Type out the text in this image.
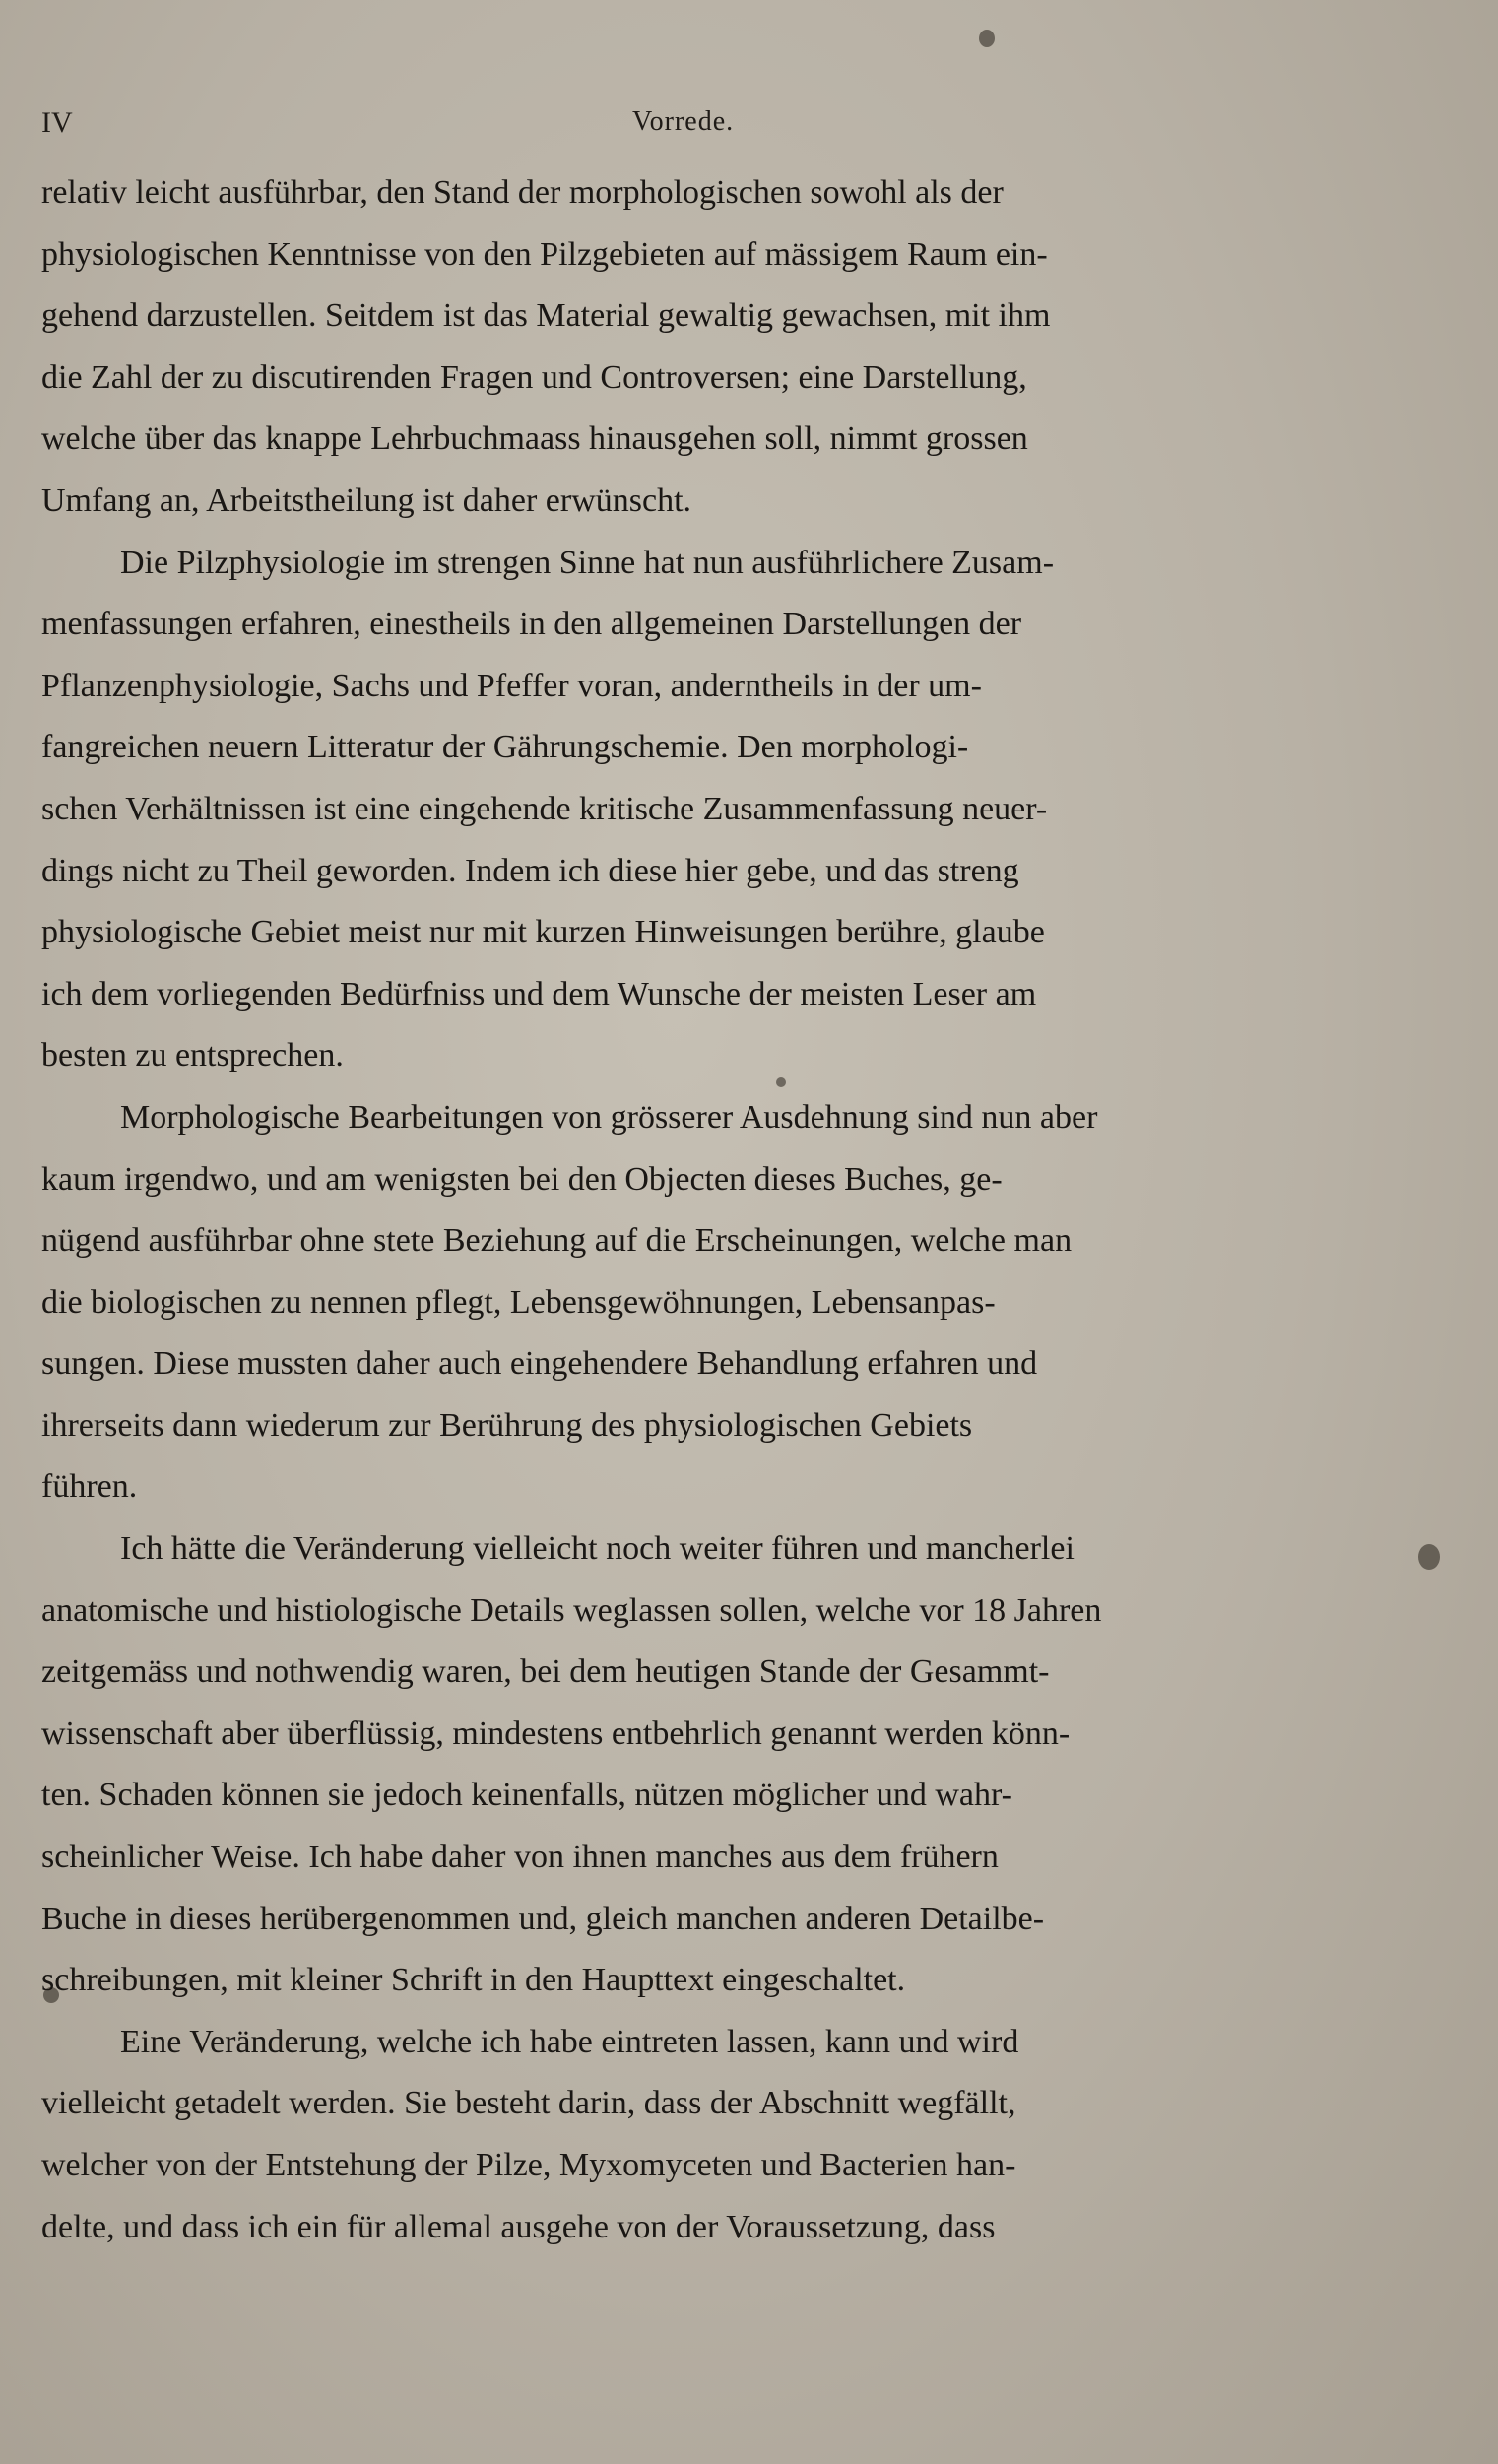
IV	Vorrede.

relativ leicht ausführbar, den Stand der morphologischen sowohl als der
physiologischen Kenntnisse von den Pilzgebieten auf mässigem Raum ein-
gehend darzustellen. Seitdem ist das Material gewaltig gewachsen, mit ihm
die Zahl der zu discutirenden Fragen und Controversen; eine Darstellung,
welche über das knappe Lehrbuchmaass hinausgehen soll, nimmt grossen
Umfang an, Arbeitstheilung ist daher erwünscht.

Die Pilzphysiologie im strengen Sinne hat nun ausführlichere Zusam-
menfassungen erfahren, einestheils in den allgemeinen Darstellungen der
Pflanzenphysiologie, Sachs und Pfeffer voran, anderntheils in der um-
fangreichen neuern Litteratur der Gährungschemie. Den morphologi-
schen Verhältnissen ist eine eingehende kritische Zusammenfassung neuer-
dings nicht zu Theil geworden. Indem ich diese hier gebe, und das streng
physiologische Gebiet meist nur mit kurzen Hinweisungen berühre, glaube
ich dem vorliegenden Bedürfniss und dem Wunsche der meisten Leser am
besten zu entsprechen.

Morphologische Bearbeitungen von grösserer Ausdehnung sind nun aber
kaum irgendwo, und am wenigsten bei den Objecten dieses Buches, ge-
nügend ausführbar ohne stete Beziehung auf die Erscheinungen, welche man
die biologischen zu nennen pflegt, Lebensgewöhnungen, Lebensanpas-
sungen. Diese mussten daher auch eingehendere Behandlung erfahren und
ihrerseits dann wiederum zur Berührung des physiologischen Gebiets
führen.

Ich hätte die Veränderung vielleicht noch weiter führen und mancherlei
anatomische und histiologische Details weglassen sollen, welche vor 18 Jahren
zeitgemäss und nothwendig waren, bei dem heutigen Stande der Gesammt-
wissenschaft aber überflüssig, mindestens entbehrlich genannt werden könn-
ten. Schaden können sie jedoch keinenfalls, nützen möglicher und wahr-
scheinlicher Weise. Ich habe daher von ihnen manches aus dem frühern
Buche in dieses herübergenommen und, gleich manchen anderen Detailbe-
schreibungen, mit kleiner Schrift in den Haupttext eingeschaltet.

Eine Veränderung, welche ich habe eintreten lassen, kann und wird
vielleicht getadelt werden. Sie besteht darin, dass der Abschnitt wegfällt,
welcher von der Entstehung der Pilze, Myxomyceten und Bacterien han-
delte, und dass ich ein für allemal ausgehe von der Voraussetzung, dass
